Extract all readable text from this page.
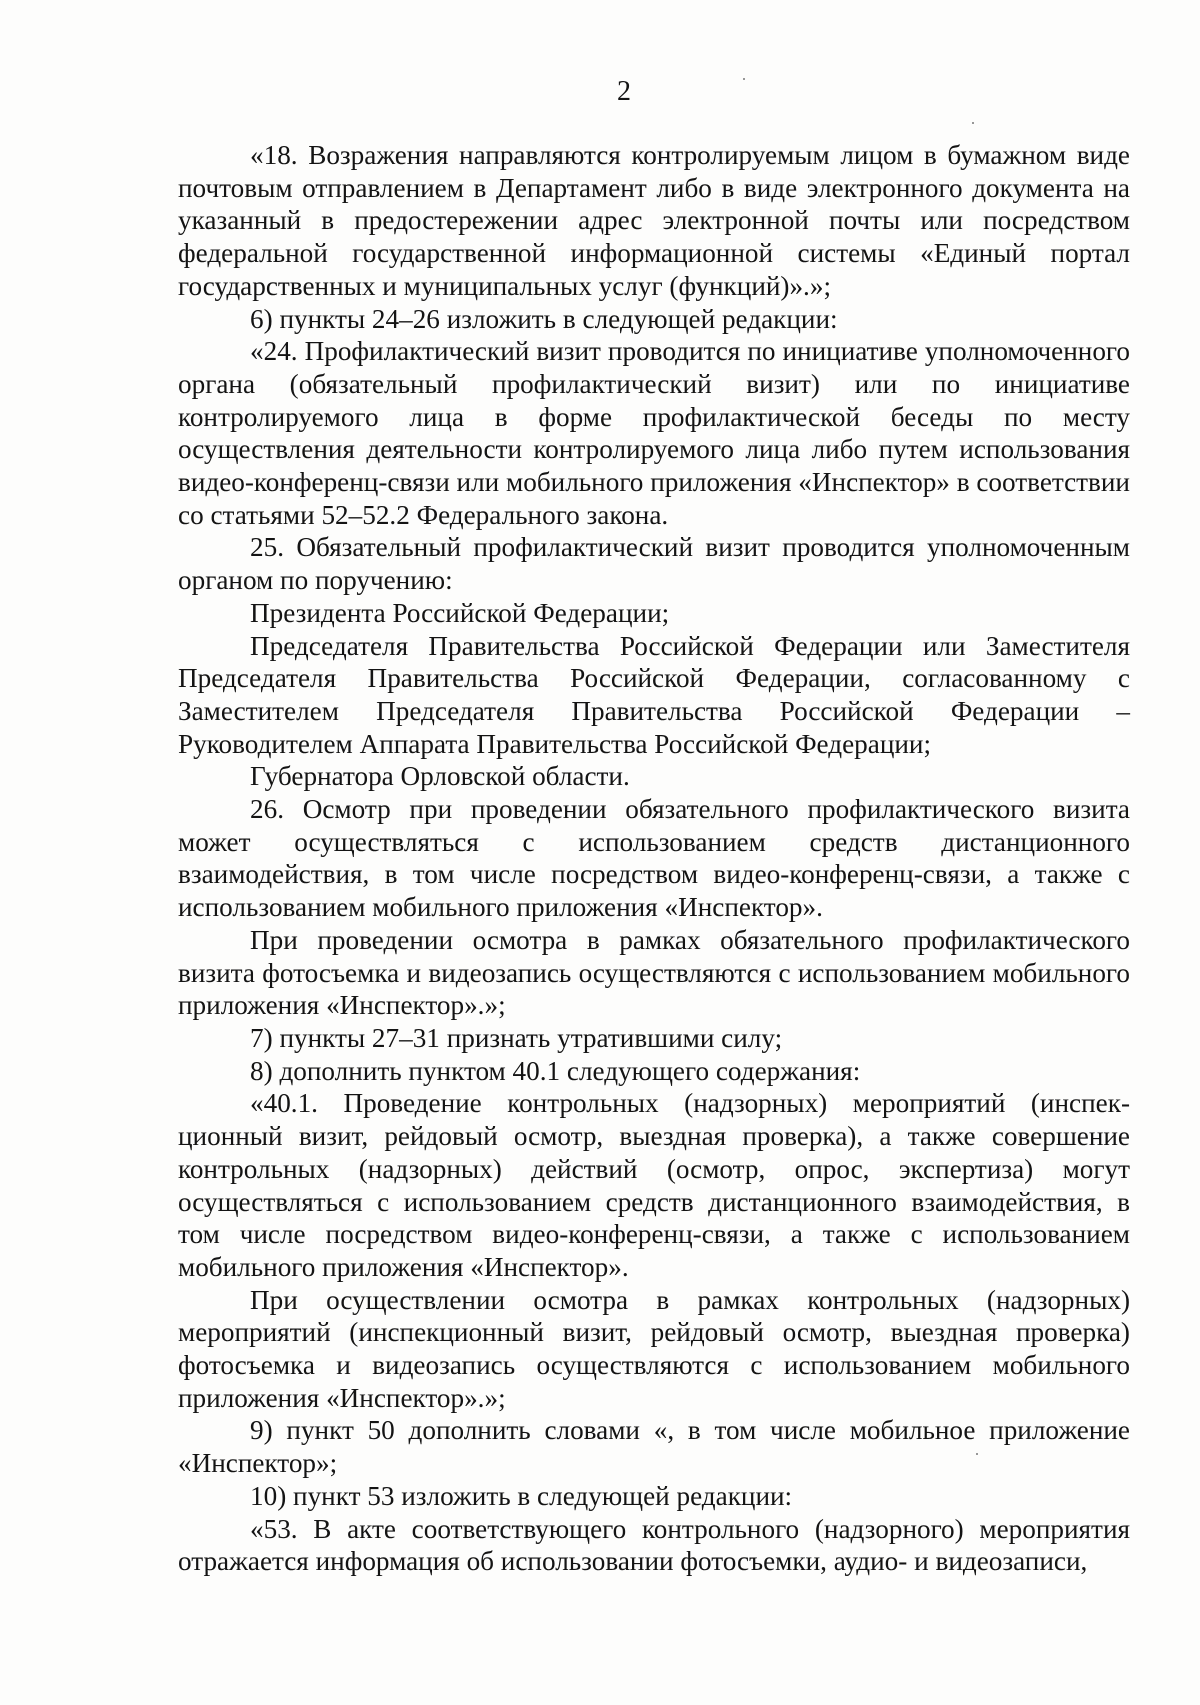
2

«18. Возражения направляются контролируемым лицом в бумажном виде почтовым отправлением в Департамент либо в виде электронного документа на указанный в предостережении адрес электронной почты или посредством федеральной государственной информационной системы «Единый портал государственных и муниципальных услуг (функций)».»;

6) пункты 24–26 изложить в следующей редакции:

«24. Профилактический визит проводится по инициативе уполномоченного органа (обязательный профилактический визит) или по инициативе контролируемого лица в форме профилактической беседы по месту осуществления деятельности контролируемого лица либо путем использования видео-конференц-связи или мобильного приложения «Инспектор» в соответствии со статьями 52–52.2 Федерального закона.

25. Обязательный профилактический визит проводится уполномоченным органом по поручению:

Президента Российской Федерации;

Председателя Правительства Российской Федерации или Заместителя Председателя Правительства Российской Федерации, согласованному с Заместителем Председателя Правительства Российской Федерации – Руководителем Аппарата Правительства Российской Федерации;

Губернатора Орловской области.

26. Осмотр при проведении обязательного профилактического визита может осуществляться с использованием средств дистанционного взаимодействия, в том числе посредством видео-конференц-связи, а также с использованием мобильного приложения «Инспектор».

При проведении осмотра в рамках обязательного профилактического визита фотосъемка и видеозапись осуществляются с использованием мобильного приложения «Инспектор».»;

7) пункты 27–31 признать утратившими силу;

8) дополнить пунктом 40.1 следующего содержания:

«40.1. Проведение контрольных (надзорных) мероприятий (инспекционный визит, рейдовый осмотр, выездная проверка), а также совершение контрольных (надзорных) действий (осмотр, опрос, экспертиза) могут осуществляться с использованием средств дистанционного взаимодействия, в том числе посредством видео-конференц-связи, а также с использованием мобильного приложения «Инспектор».

При осуществлении осмотра в рамках контрольных (надзорных) мероприятий (инспекционный визит, рейдовый осмотр, выездная проверка) фотосъемка и видеозапись осуществляются с использованием мобильного приложения «Инспектор».»;

9) пункт 50 дополнить словами «, в том числе мобильное приложение «Инспектор»;

10) пункт 53 изложить в следующей редакции:

«53. В акте соответствующего контрольного (надзорного) мероприятия отражается информация об использовании фотосъемки, аудио- и видеозаписи,
